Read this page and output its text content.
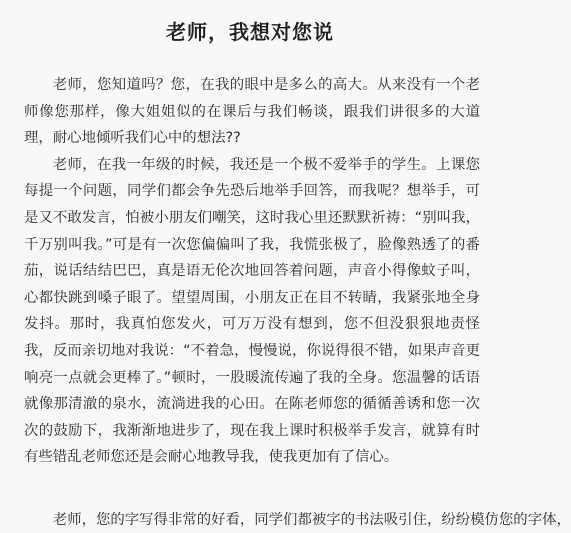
老师，我想对您说

老师，您知道吗？您，在我的眼中是多么的高大。从来没有一个老师像您那样，像大姐姐似的在课后与我们畅谈，跟我们讲很多的大道理，耐心地倾听我们心中的想法??

老师，在我一年级的时候，我还是一个极不爱举手的学生。上课您每提一个问题，同学们都会争先恐后地举手回答，而我呢？想举手，可是又不敢发言，怕被小朋友们嘲笑，这时我心里还默默祈祷：“别叫我，千万别叫我。”可是有一次您偏偏叫了我，我慌张极了，脸像熟透了的番茄，说话结结巴巴，真是语无伦次地回答着问题，声音小得像蚊子叫，心都快跳到嗓子眼了。望望周围，小朋友正在目不转睛，我紧张地全身发抖。那时，我真怕您发火，可万万没有想到，您不但没狠狠地责怪我，反而亲切地对我说：“不着急，慢慢说，你说得很不错，如果声音更响亮一点就会更棒了。”顿时，一股暖流传遍了我的全身。您温馨的话语就像那清澈的泉水，流淌进我的心田。在陈老师您的循循善诱和您一次次的鼓励下，我渐渐地进步了，现在我上课时积极举手发言，就算有时有些错乱老师您还是会耐心地教导我，使我更加有了信心。

老师，您的字写得非常的好看，同学们都被字的书法吸引住，纷纷模仿您的字体，
